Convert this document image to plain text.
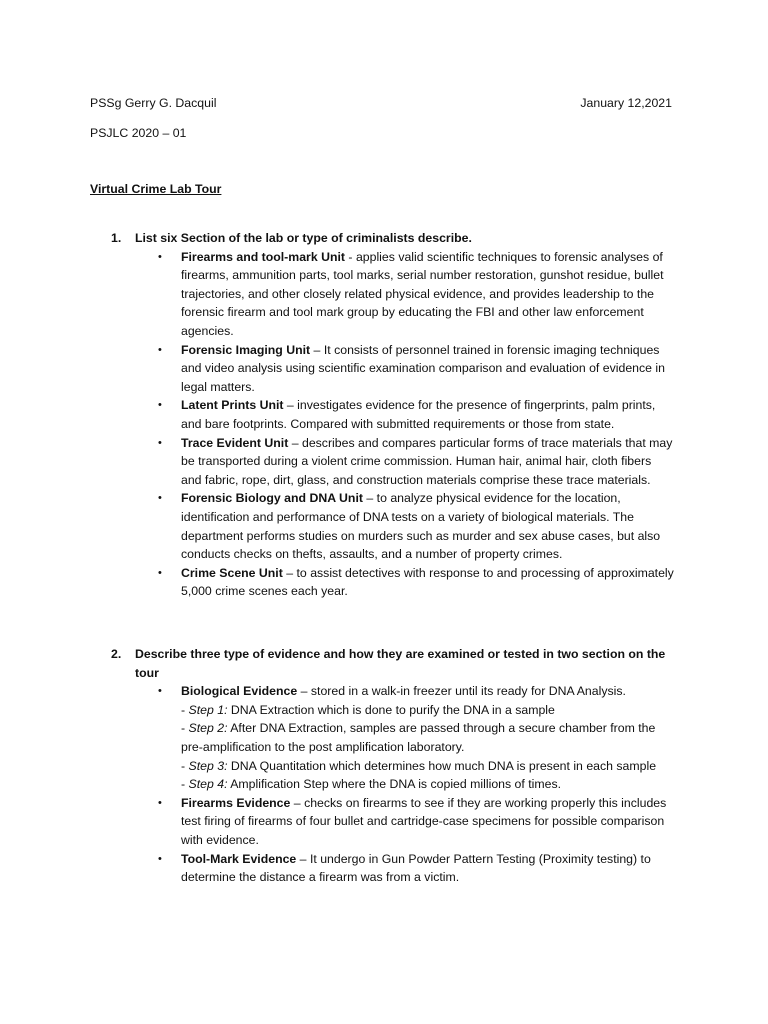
PSSg Gerry G. Dacquil	January 12,2021
PSJLC 2020 – 01
Virtual Crime Lab Tour
1.	List six Section of the lab or type of criminalists describe.
• Firearms and tool-mark Unit - applies valid scientific techniques to forensic analyses of firearms, ammunition parts, tool marks, serial number restoration, gunshot residue, bullet trajectories, and other closely related physical evidence, and provides leadership to the forensic firearm and tool mark group by educating the FBI and other law enforcement agencies.
• Forensic Imaging Unit – It consists of personnel trained in forensic imaging techniques and video analysis using scientific examination comparison and evaluation of evidence in legal matters.
• Latent Prints Unit – investigates evidence for the presence of fingerprints, palm prints, and bare footprints. Compared with submitted requirements or those from state.
• Trace Evident Unit – describes and compares particular forms of trace materials that may be transported during a violent crime commission. Human hair, animal hair, cloth fibers and fabric, rope, dirt, glass, and construction materials comprise these trace materials.
• Forensic Biology and DNA Unit – to analyze physical evidence for the location, identification and performance of DNA tests on a variety of biological materials. The department performs studies on murders such as murder and sex abuse cases, but also conducts checks on thefts, assaults, and a number of property crimes.
• Crime Scene Unit – to assist detectives with response to and processing of approximately 5,000 crime scenes each year.
2.	Describe three type of evidence and how they are examined or tested in two section on the tour
• Biological Evidence – stored in a walk-in freezer until its ready for DNA Analysis.
- Step 1: DNA Extraction which is done to purify the DNA in a sample
- Step 2: After DNA Extraction, samples are passed through a secure chamber from the pre-amplification to the post amplification laboratory.
- Step 3: DNA Quantitation which determines how much DNA is present in each sample
- Step 4: Amplification Step where the DNA is copied millions of times.
• Firearms Evidence – checks on firearms to see if they are working properly this includes test firing of firearms of four bullet and cartridge-case specimens for possible comparison with evidence.
• Tool-Mark Evidence – It undergo in Gun Powder Pattern Testing (Proximity testing) to determine the distance a firearm was from a victim.
